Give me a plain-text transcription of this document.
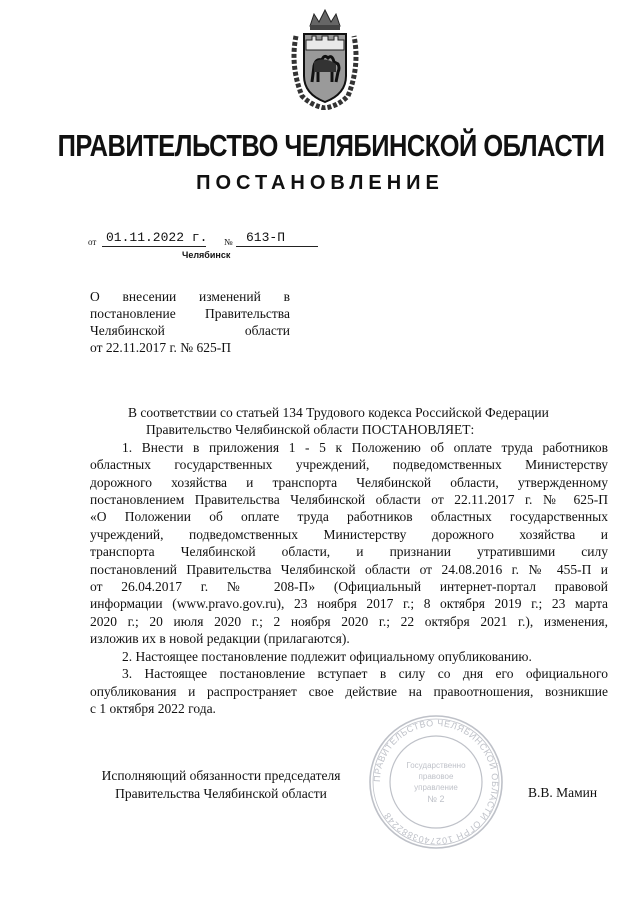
ПРАВИТЕЛЬСТВО ЧЕЛЯБИНСКОЙ ОБЛАСТИ
ПОСТАНОВЛЕНИЕ
от 01.11.2022 г. № 613-П
Челябинск
О внесении изменений в
постановление Правительства
Челябинской области
от 22.11.2017 г. № 625-П
В соответствии со статьей 134 Трудового кодекса Российской Федерации
Правительство Челябинской области ПОСТАНОВЛЯЕТ:
1. Внести в приложения 1 - 5 к Положению об оплате труда работников
областных государственных учреждений, подведомственных Министерству
дорожного хозяйства и транспорта Челябинской области, утвержденному
постановлением Правительства Челябинской области от 22.11.2017 г. № 625-П
«О Положении об оплате труда работников областных государственных
учреждений, подведомственных Министерству дорожного хозяйства и
транспорта Челябинской области, и признании утратившими силу
постановлений Правительства Челябинской области от 24.08.2016 г. № 455-П и
от 26.04.2017 г. № 208-П» (Официальный интернет-портал правовой
информации (www.pravo.gov.ru), 23 ноября 2017 г.; 8 октября 2019 г.; 23 марта
2020 г.; 20 июля 2020 г.; 2 ноября 2020 г.; 22 октября 2021 г.), изменения,
изложив их в новой редакции (прилагаются).
2. Настоящее постановление подлежит официальному опубликованию.
3. Настоящее постановление вступает в силу со дня его официального
опубликования и распространяет свое действие на правоотношения, возникшие
с 1 октября 2022 года.
ПРАВИТЕЛЬСТВО ЧЕЛЯБИНСКОЙ ОБЛАСТИ ОГРН 1027403882248
Государственно
правовое
управление
№ 2
Исполняющий обязанности председателя
Правительства Челябинской области	В.В. Мамин
